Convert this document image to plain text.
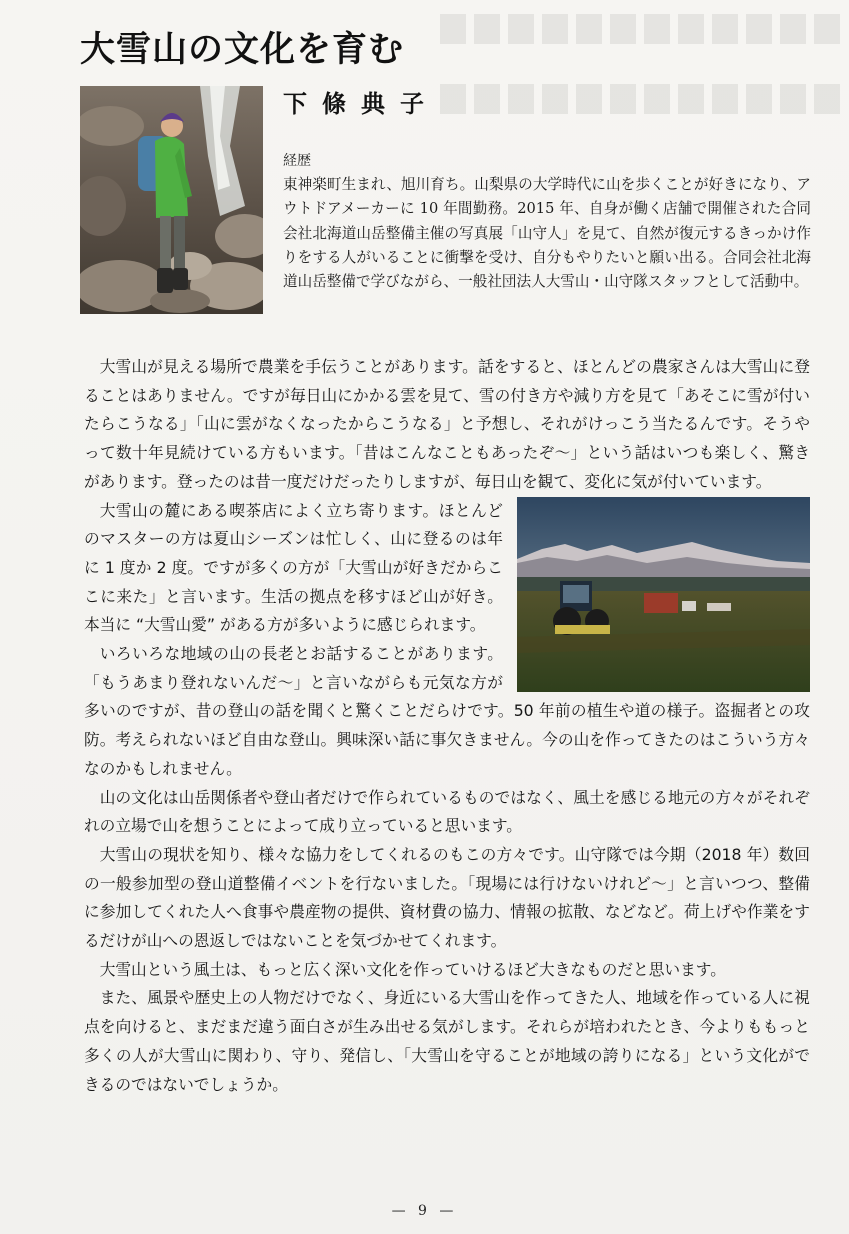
大雪山の文化を育む
下條典子
経歴
東神楽町生まれ、旭川育ち。山梨県の大学時代に山を歩くことが好きになり、アウトドアメーカーに 10 年間勤務。2015 年、自身が働く店舗で開催された合同会社北海道山岳整備主催の写真展「山守人」を見て、自然が復元するきっかけ作りをする人がいることに衝撃を受け、自分もやりたいと願い出る。合同会社北海道山岳整備で学びながら、一般社団法人大雪山・山守隊スタッフとして活動中。

大雪山が見える場所で農業を手伝うことがあります。話をすると、ほとんどの農家さんは大雪山に登ることはありません。ですが毎日山にかかる雲を見て、雪の付き方や減り方を見て「あそこに雪が付いたらこうなる」「山に雲がなくなったからこうなる」と予想し、それがけっこう当たるんです。そうやって数十年見続けている方もいます。「昔はこんなこともあったぞ〜」という話はいつも楽しく、驚きがあります。登ったのは昔一度だけだったりしますが、毎日山を観て、変化に気が付いています。

大雪山の麓にある喫茶店によく立ち寄ります。ほとんどのマスターの方は夏山シーズンは忙しく、山に登るのは年に 1 度か 2 度。ですが多くの方が「大雪山が好きだからここに来た」と言います。生活の拠点を移すほど山が好き。本当に “大雪山愛” がある方が多いように感じられます。

いろいろな地域の山の長老とお話することがあります。「もうあまり登れないんだ〜」と言いながらも元気な方が多いのですが、昔の登山の話を聞くと驚くことだらけです。50 年前の植生や道の様子。盗掘者との攻防。考えられないほど自由な登山。興味深い話に事欠きません。今の山を作ってきたのはこういう方々なのかもしれません。

山の文化は山岳関係者や登山者だけで作られているものではなく、風土を感じる地元の方々がそれぞれの立場で山を想うことによって成り立っていると思います。

大雪山の現状を知り、様々な協力をしてくれるのもこの方々です。山守隊では今期（2018 年）数回の一般参加型の登山道整備イベントを行ないました。「現場には行けないけれど〜」と言いつつ、整備に参加してくれた人へ食事や農産物の提供、資材費の協力、情報の拡散、などなど。荷上げや作業をするだけが山への恩返しではないことを気づかせてくれます。

大雪山という風土は、もっと広く深い文化を作っていけるほど大きなものだと思います。

また、風景や歴史上の人物だけでなく、身近にいる大雪山を作ってきた人、地域を作っている人に視点を向けると、まだまだ違う面白さが生み出せる気がします。それらが培われたとき、今よりももっと多くの人が大雪山に関わり、守り、発信し、「大雪山を守ることが地域の誇りになる」という文化ができるのではないでしょうか。

— 9 —
